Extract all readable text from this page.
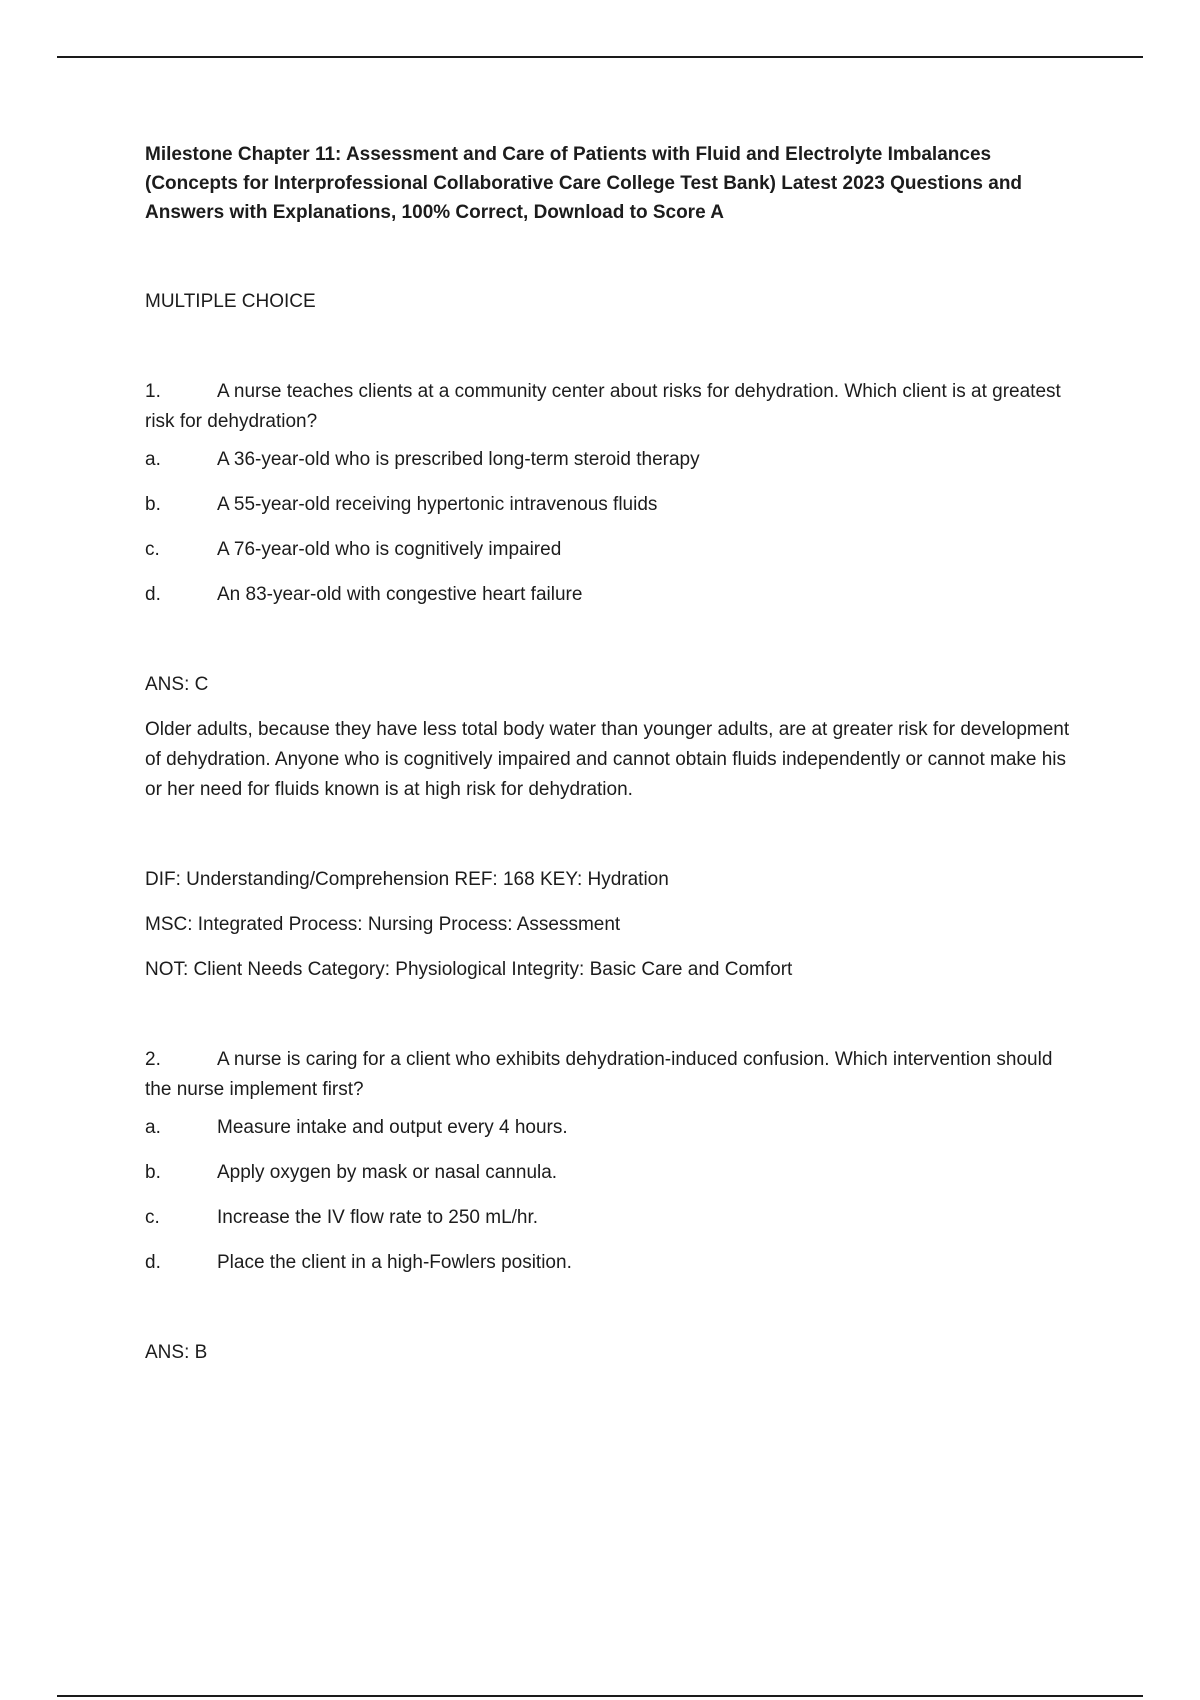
Milestone Chapter 11: Assessment and Care of Patients with Fluid and Electrolyte Imbalances (Concepts for Interprofessional Collaborative Care College Test Bank) Latest 2023 Questions and Answers with Explanations, 100% Correct, Download to Score A

MULTIPLE CHOICE

1.	A nurse teaches clients at a community center about risks for dehydration. Which client is at greatest risk for dehydration?

a.	A 36-year-old who is prescribed long-term steroid therapy
b.	A 55-year-old receiving hypertonic intravenous fluids
c.	A 76-year-old who is cognitively impaired
d.	An 83-year-old with congestive heart failure

ANS: C

Older adults, because they have less total body water than younger adults, are at greater risk for development of dehydration. Anyone who is cognitively impaired and cannot obtain fluids independently or cannot make his or her need for fluids known is at high risk for dehydration.

DIF: Understanding/Comprehension REF: 168 KEY: Hydration

MSC: Integrated Process: Nursing Process: Assessment

NOT: Client Needs Category: Physiological Integrity: Basic Care and Comfort

2.	A nurse is caring for a client who exhibits dehydration-induced confusion. Which intervention should the nurse implement first?

a.	Measure intake and output every 4 hours.
b.	Apply oxygen by mask or nasal cannula.
c.	Increase the IV flow rate to 250 mL/hr.
d.	Place the client in a high-Fowlers position.

ANS: B
